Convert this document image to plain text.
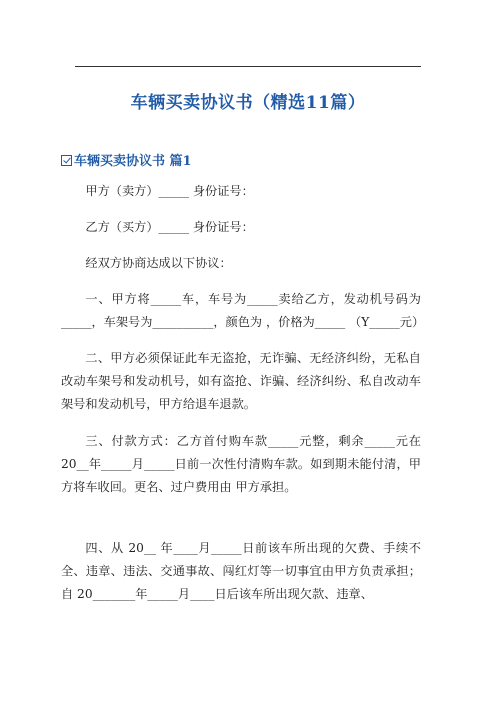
车辆买卖协议书（精选11篇）
车辆买卖协议书 篇1

甲方（卖方）_____ 身份证号：

乙方（买方）_____ 身份证号：

经双方协商达成以下协议：

一、甲方将_____车，车号为_____卖给乙方，发动机号码为_____，车架号为__________，颜色为 ，价格为_____ （Y_____元）

二、甲方必须保证此车无盗抢，无诈骗、无经济纠纷，无私自改动车架号和发动机号，如有盗抢、诈骗、经济纠纷、私自改动车架号和发动机号，甲方给退车退款。

三、付款方式：乙方首付购车款_____元整，剩余_____元在20__年_____月_____日前一次性付清购车款。如到期未能付清，甲方将车收回。更名、过户费用由 甲方承担。

四、从 20__ 年____月_____日前该车所出现的欠费、手续不全、违章、违法、交通事故、闯红灯等一切事宜由甲方负责承担；自 20_______年_____月____日后该车所出现欠款、违章、
